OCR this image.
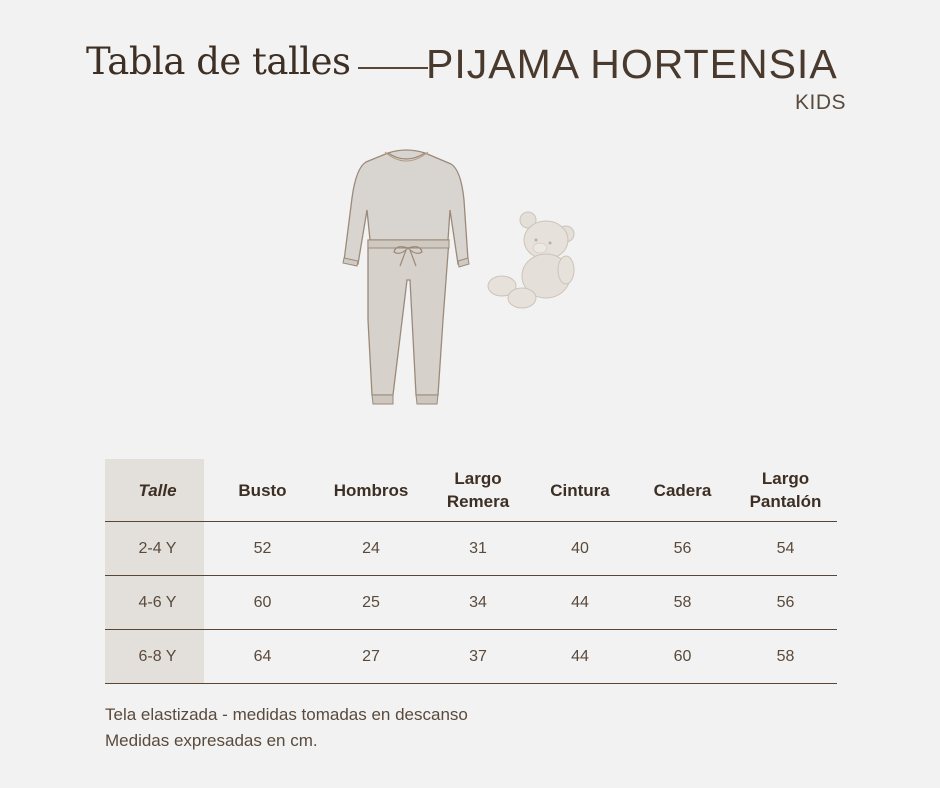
Tabla de talles PIJAMA HORTENSIA
KIDS
Talle	Busto	Hombros	Largo Remera	Cintura	Cadera	Largo Pantalón
2-4 Y	52	24	31	40	56	54
4-6 Y	60	25	34	44	58	56
6-8 Y	64	27	37	44	60	58
Tela elastizada - medidas tomadas en descanso
Medidas expresadas en cm.
